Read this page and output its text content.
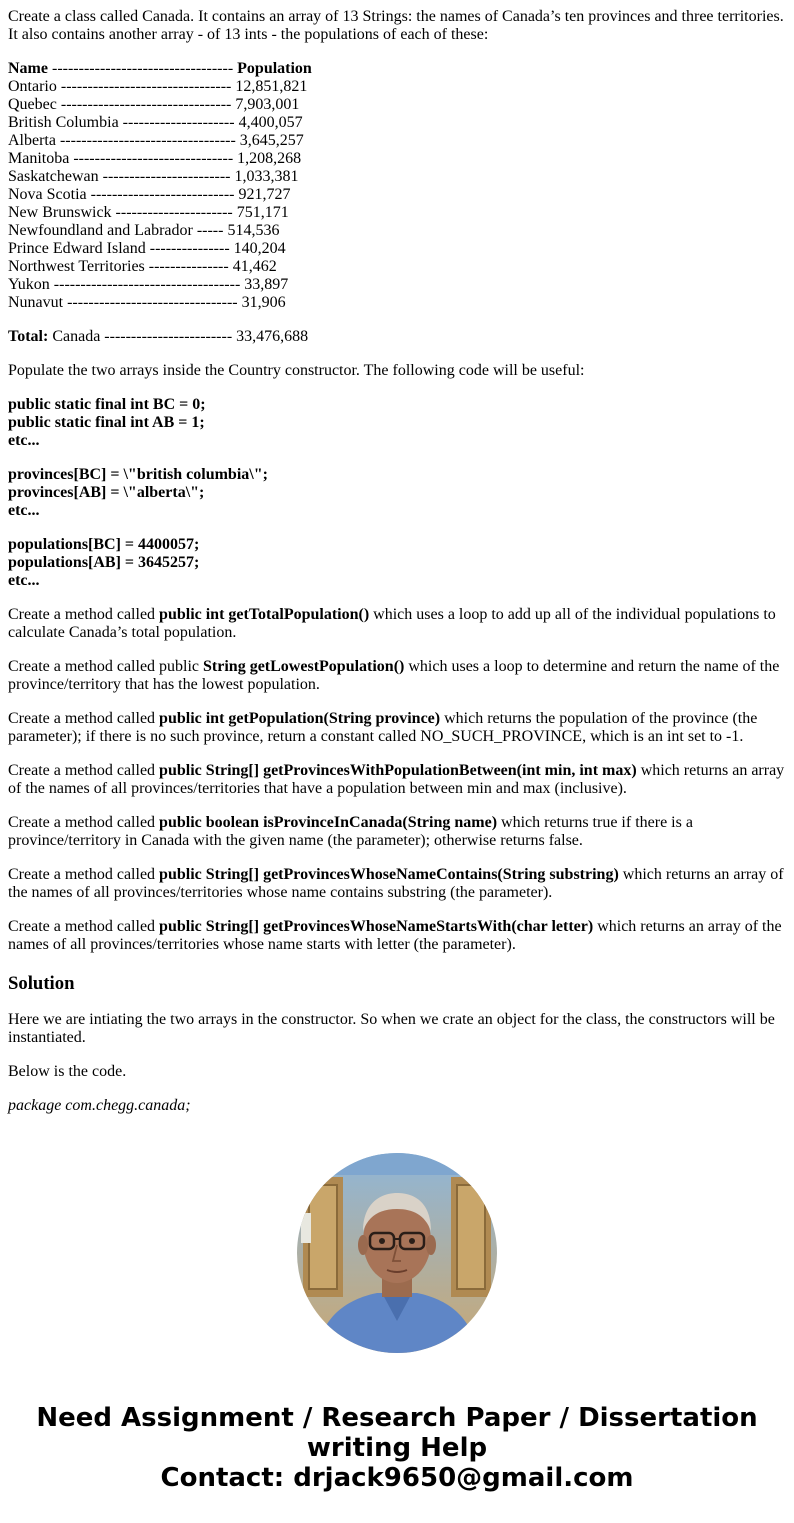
Create a class called Canada. It contains an array of 13 Strings: the names of Canada’s ten provinces and three territories. It also contains another array - of 13 ints - the populations of each of these:

Name ---------------------------------- Population
Ontario -------------------------------- 12,851,821
Quebec -------------------------------- 7,903,001
British Columbia --------------------- 4,400,057
Alberta --------------------------------- 3,645,257
Manitoba ------------------------------ 1,208,268
Saskatchewan ------------------------ 1,033,381
Nova Scotia --------------------------- 921,727
New Brunswick ---------------------- 751,171
Newfoundland and Labrador ----- 514,536
Prince Edward Island --------------- 140,204
Northwest Territories --------------- 41,462
Yukon ----------------------------------- 33,897
Nunavut -------------------------------- 31,906

Total: Canada ------------------------ 33,476,688

Populate the two arrays inside the Country constructor. The following code will be useful:

public static final int BC = 0;
public static final int AB = 1;
etc...
provinces[BC] = \"british columbia\";
provinces[AB] = \"alberta\";
etc...
populations[BC] = 4400057;
populations[AB] = 3645257;
etc...

Create a method called public int getTotalPopulation() which uses a loop to add up all of the individual populations to calculate Canada’s total population.

Create a method called public String getLowestPopulation() which uses a loop to determine and return the name of the province/territory that has the lowest population.

Create a method called public int getPopulation(String province) which returns the population of the province (the parameter); if there is no such province, return a constant called NO_SUCH_PROVINCE, which is an int set to -1.

Create a method called public String[] getProvincesWithPopulationBetween(int min, int max) which returns an array of the names of all provinces/territories that have a population between min and max (inclusive).

Create a method called public boolean isProvinceInCanada(String name) which returns true if there is a province/territory in Canada with the given name (the parameter); otherwise returns false.

Create a method called public String[] getProvincesWhoseNameContains(String substring) which returns an array of the names of all provinces/territories whose name contains substring (the parameter).

Create a method called public String[] getProvincesWhoseNameStartsWith(char letter) which returns an array of the names of all provinces/territories whose name starts with letter (the parameter).

Solution

Here we are intiating the two arrays in the constructor. So when we crate an object for the class, the constructors will be instantiated.

Below is the code.

package com.chegg.canada;

Need Assignment / Research Paper / Dissertation
writing Help
Contact: drjack9650@gmail.com
